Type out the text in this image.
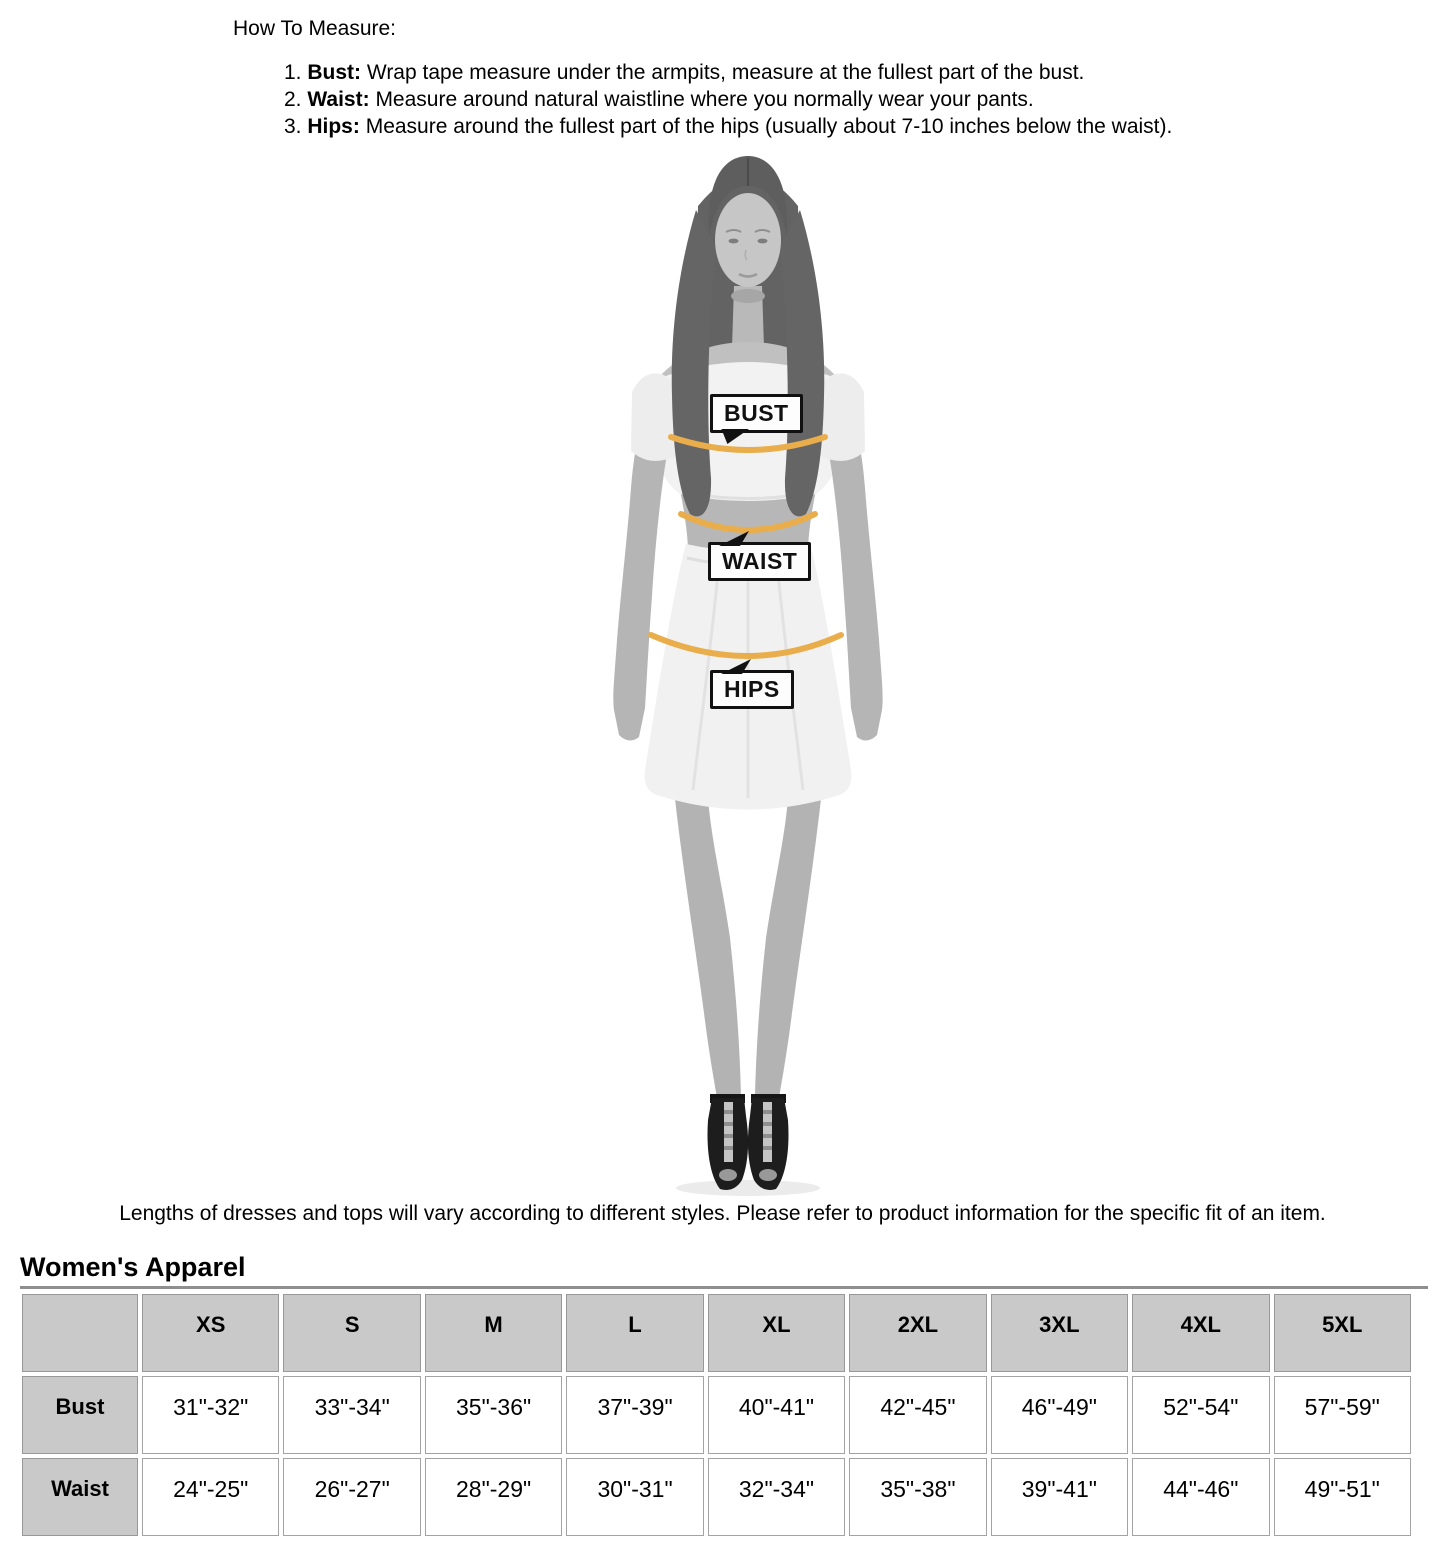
How To Measure:
1. Bust: Wrap tape measure under the armpits, measure at the fullest part of the bust.
2. Waist: Measure around natural waistline where you normally wear your pants.
3. Hips: Measure around the fullest part of the hips (usually about 7-10 inches below the waist).
BUST
WAIST
HIPS
Lengths of dresses and tops will vary according to different styles. Please refer to product information for the specific fit of an item.
Women's Apparel
	XS	S	M	L	XL	2XL	3XL	4XL	5XL
Bust	31"-32"	33"-34"	35"-36"	37"-39"	40"-41"	42"-45"	46"-49"	52"-54"	57"-59"
Waist	24"-25"	26"-27"	28"-29"	30"-31"	32"-34"	35"-38"	39"-41"	44"-46"	49"-51"
